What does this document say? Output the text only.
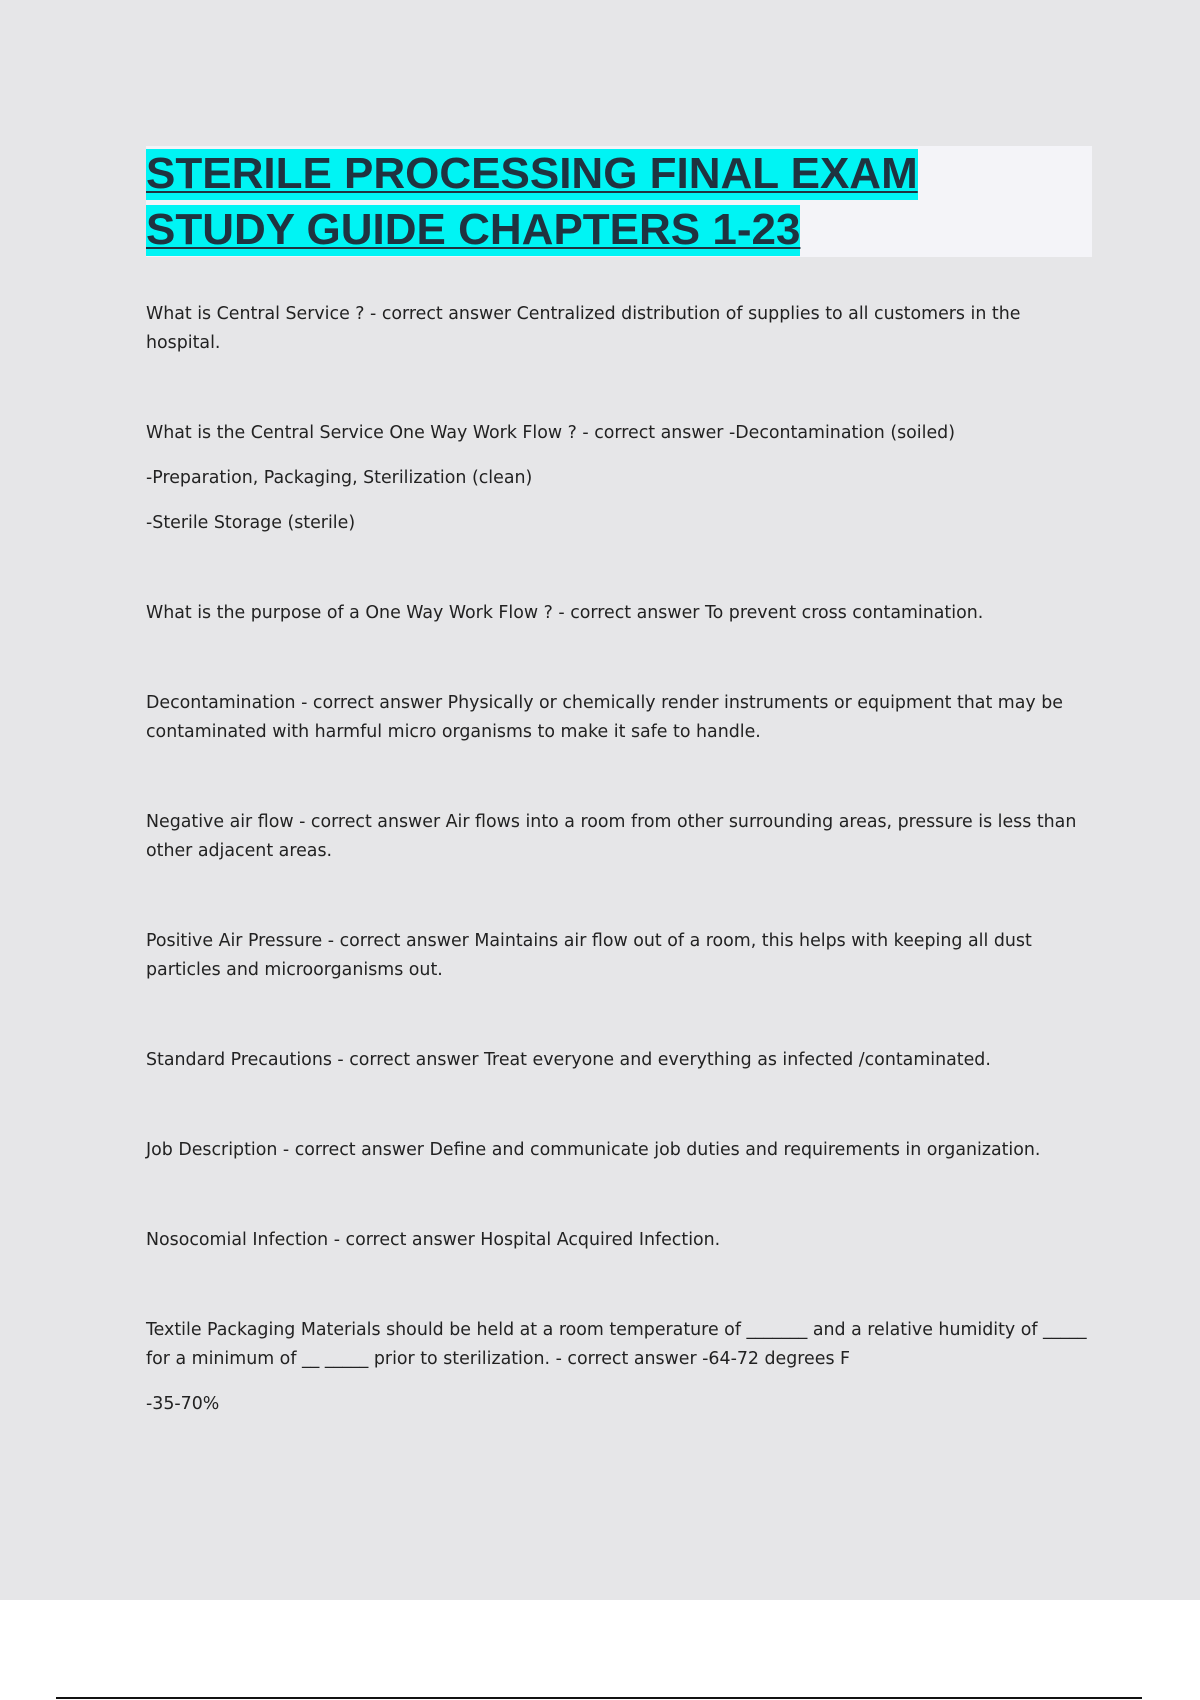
STERILE PROCESSING FINAL EXAM
STUDY GUIDE CHAPTERS 1-23

What is Central Service ? - correct answer Centralized distribution of supplies to all customers in the hospital.

What is the Central Service One Way Work Flow ? - correct answer -Decontamination (soiled)

-Preparation, Packaging, Sterilization (clean)

-Sterile Storage (sterile)

What is the purpose of a One Way Work Flow ? - correct answer To prevent cross contamination.

Decontamination - correct answer Physically or chemically render instruments or equipment that may be contaminated with harmful micro organisms to make it safe to handle.

Negative air flow - correct answer Air flows into a room from other surrounding areas, pressure is less than other adjacent areas.

Positive Air Pressure - correct answer Maintains air flow out of a room, this helps with keeping all dust particles and microorganisms out.

Standard Precautions - correct answer Treat everyone and everything as infected /contaminated.

Job Description - correct answer Define and communicate job duties and requirements in organization.

Nosocomial Infection - correct answer Hospital Acquired Infection.

Textile Packaging Materials should be held at a room temperature of _______ and a relative humidity of _____ for a minimum of __ _____ prior to sterilization. - correct answer -64-72 degrees F

-35-70%
